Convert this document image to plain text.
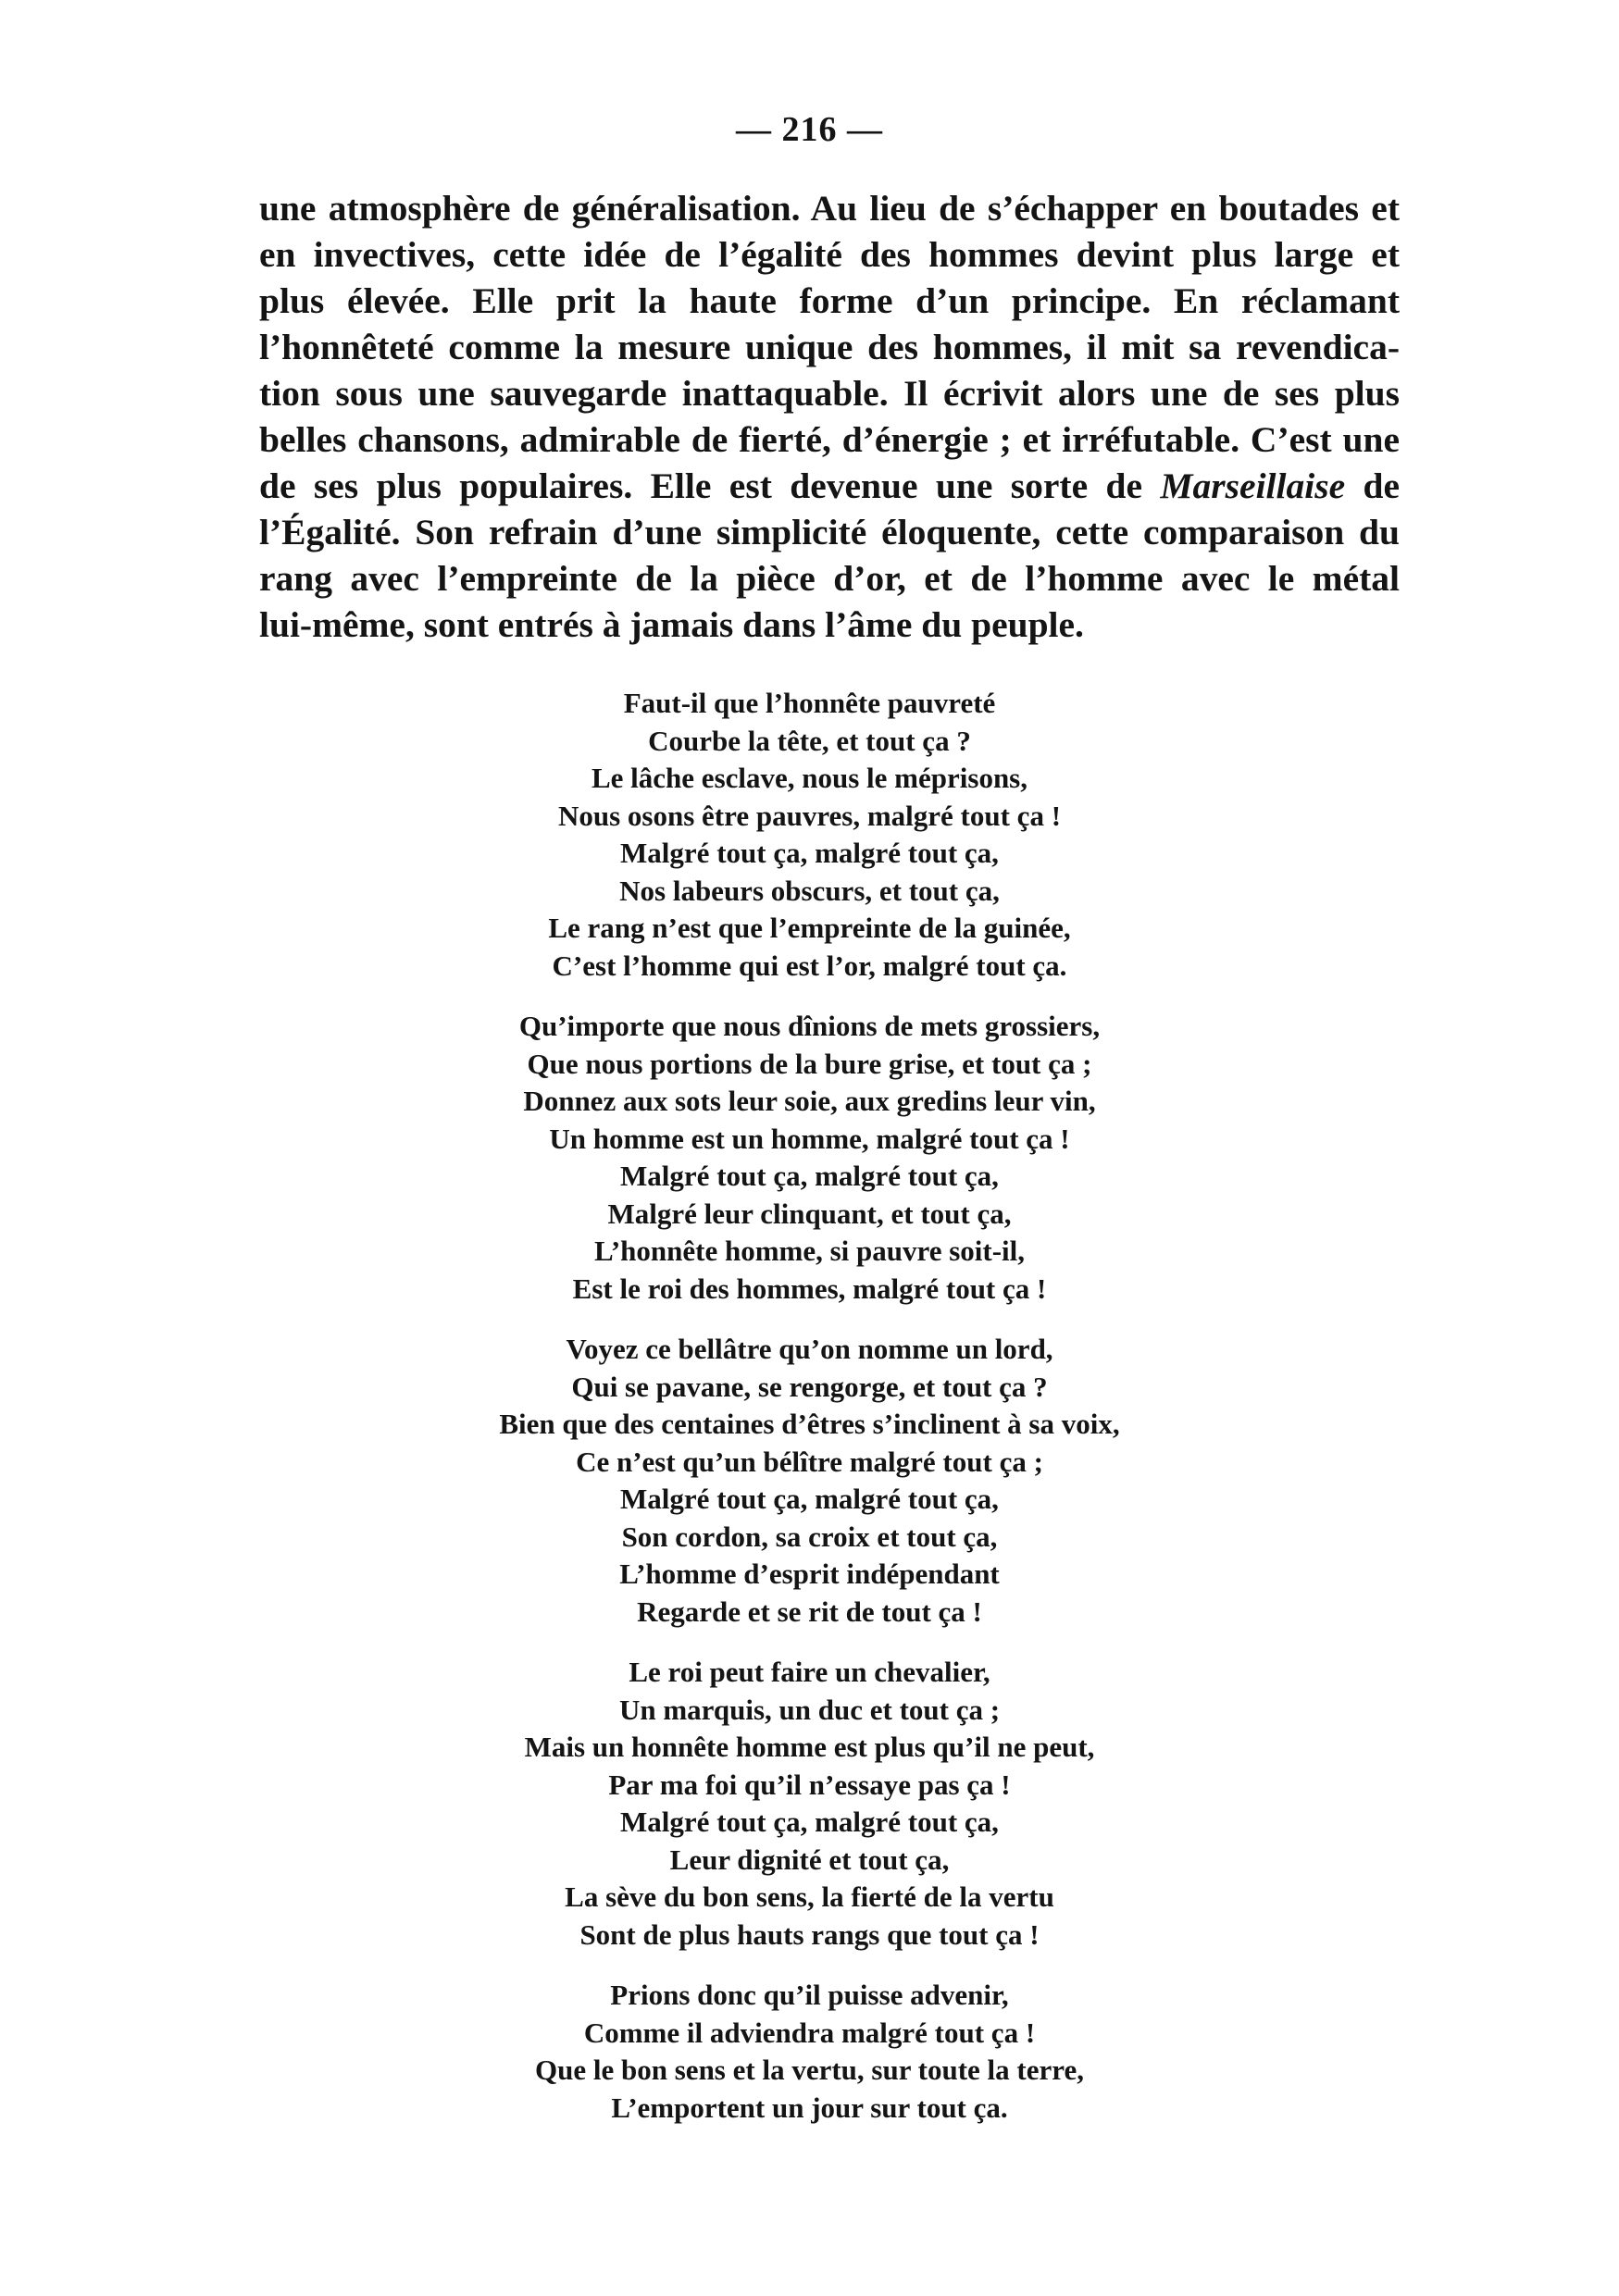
— 216 —
une atmosphère de généralisation. Au lieu de s’échapper en boutades et
en invectives, cette idée de l’égalité des hommes devint plus large et
plus élevée. Elle prit la haute forme d’un principe. En réclamant
l’honnêteté comme la mesure unique des hommes, il mit sa revendica-
tion sous une sauvegarde inattaquable. Il écrivit alors une de ses plus
belles chansons, admirable de fierté, d’énergie ; et irréfutable. C’est une
de ses plus populaires. Elle est devenue une sorte de Marseillaise de
l’Égalité. Son refrain d’une simplicité éloquente, cette comparaison du
rang avec l’empreinte de la pièce d’or, et de l’homme avec le métal
lui-même, sont entrés à jamais dans l’âme du peuple.
Faut-il que l’honnête pauvreté
Courbe la tête, et tout ça ?
Le lâche esclave, nous le méprisons,
Nous osons être pauvres, malgré tout ça !
Malgré tout ça, malgré tout ça,
Nos labeurs obscurs, et tout ça,
Le rang n’est que l’empreinte de la guinée,
C’est l’homme qui est l’or, malgré tout ça.
Qu’importe que nous dînions de mets grossiers,
Que nous portions de la bure grise, et tout ça ;
Donnez aux sots leur soie, aux gredins leur vin,
Un homme est un homme, malgré tout ça !
Malgré tout ça, malgré tout ça,
Malgré leur clinquant, et tout ça,
L’honnête homme, si pauvre soit-il,
Est le roi des hommes, malgré tout ça !
Voyez ce bellâtre qu’on nomme un lord,
Qui se pavane, se rengorge, et tout ça ?
Bien que des centaines d’êtres s’inclinent à sa voix,
Ce n’est qu’un bélître malgré tout ça ;
Malgré tout ça, malgré tout ça,
Son cordon, sa croix et tout ça,
L’homme d’esprit indépendant
Regarde et se rit de tout ça !
Le roi peut faire un chevalier,
Un marquis, un duc et tout ça ;
Mais un honnête homme est plus qu’il ne peut,
Par ma foi qu’il n’essaye pas ça !
Malgré tout ça, malgré tout ça,
Leur dignité et tout ça,
La sève du bon sens, la fierté de la vertu
Sont de plus hauts rangs que tout ça !
Prions donc qu’il puisse advenir,
Comme il adviendra malgré tout ça !
Que le bon sens et la vertu, sur toute la terre,
L’emportent un jour sur tout ça.
